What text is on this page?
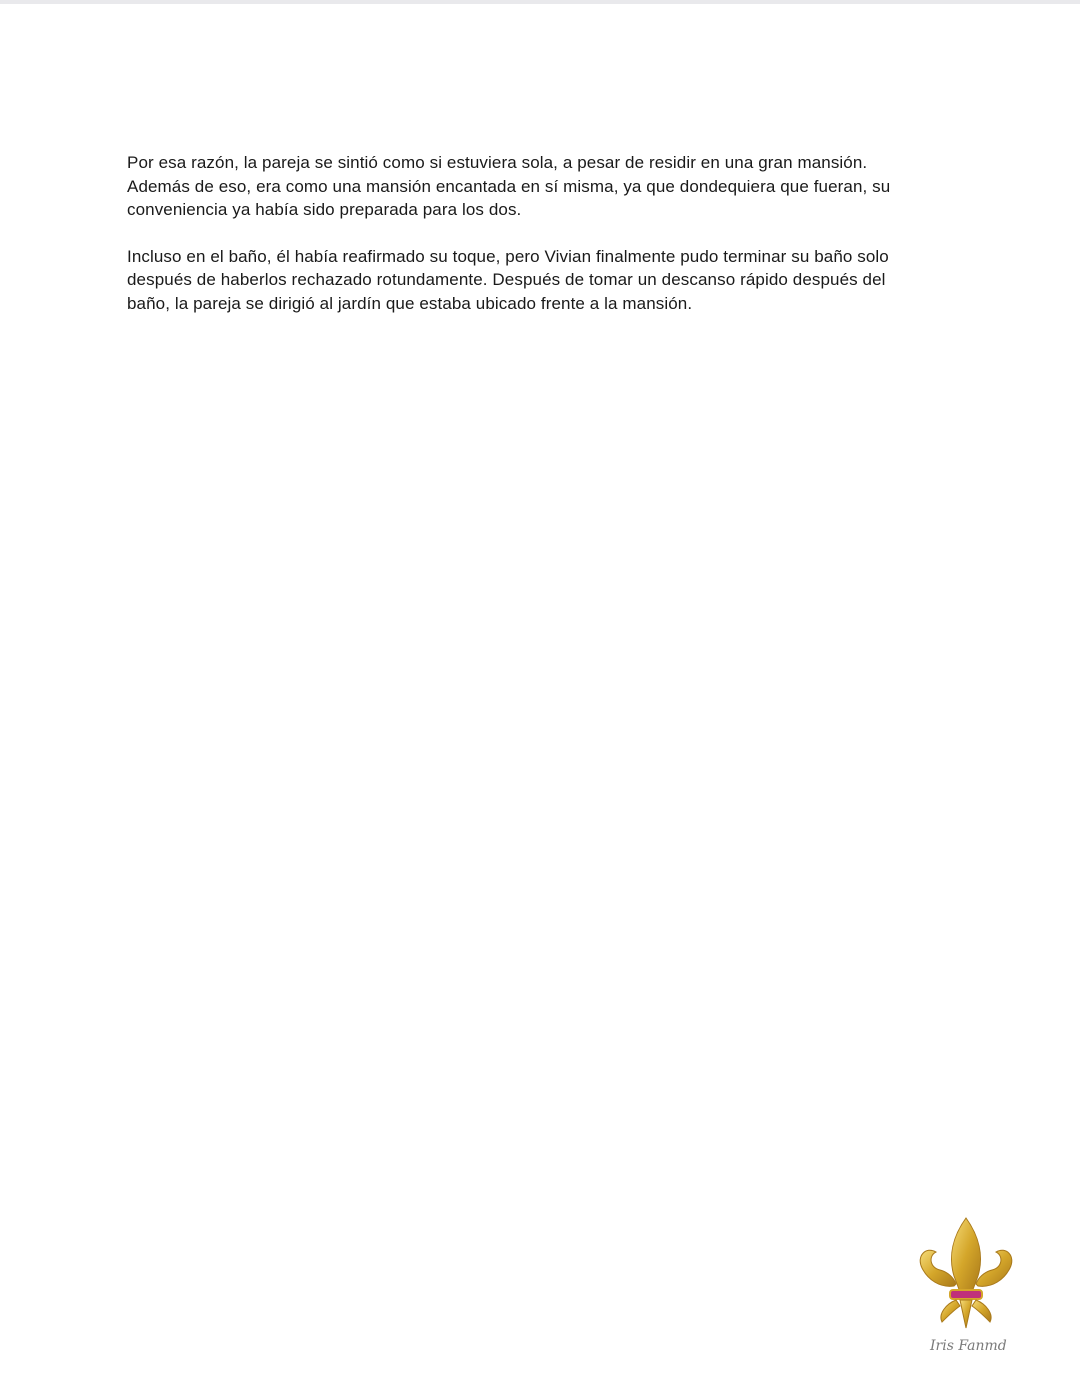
Por esa razón, la pareja se sintió como si estuviera sola, a pesar de residir en una gran mansión. Además de eso, era como una mansión encantada en sí misma, ya que dondequiera que fueran, su conveniencia ya había sido preparada para los dos.

Incluso en el baño, él había reafirmado su toque, pero Vivian finalmente pudo terminar su baño solo después de haberlos rechazado rotundamente. Después de tomar un descanso rápido después del baño, la pareja se dirigió al jardín que estaba ubicado frente a la mansión.

Iris Fanmd
